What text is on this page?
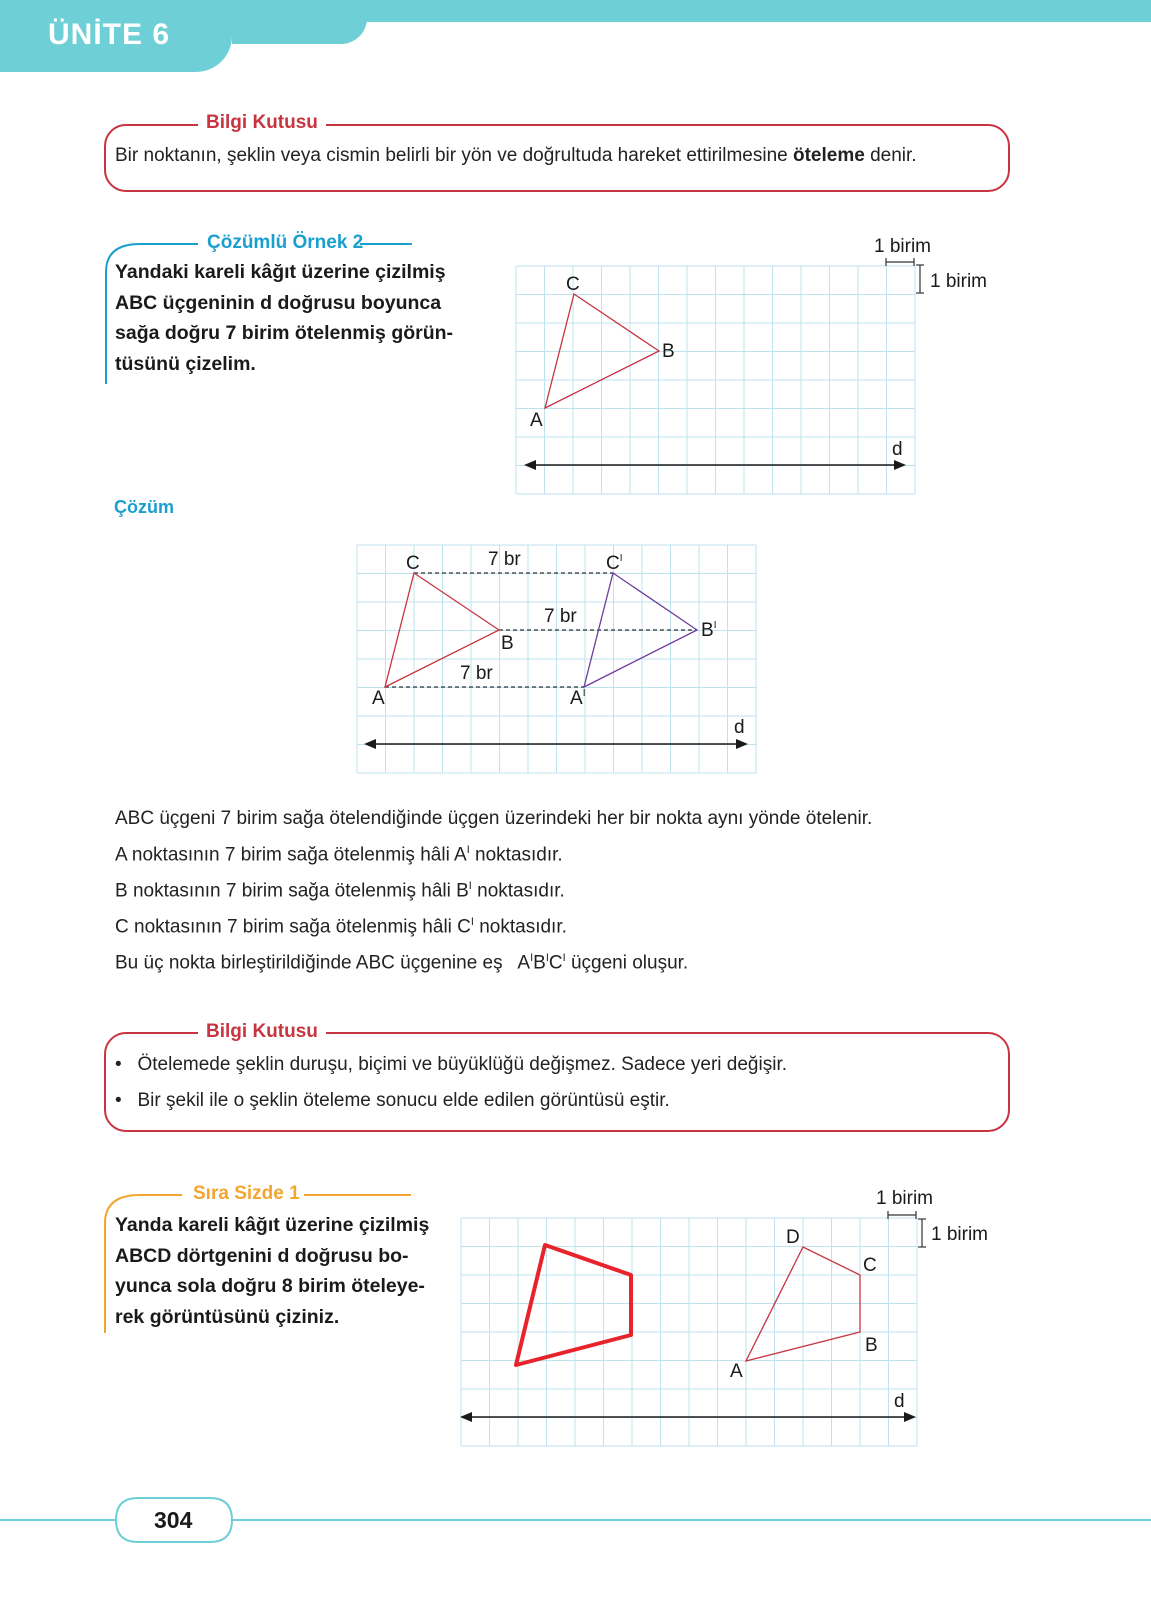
ÜNİTE 6
Bilgi Kutusu
Bir noktanın, şeklin veya cismin belirli bir yön ve doğrultuda hareket ettirilmesine öteleme denir.
Çözümlü Örnek 2
Yandaki kareli kâğıt üzerine çizilmiş
ABC üçgeninin d doğrusu boyunca
sağa doğru 7 birim ötelenmiş görün-
tüsünü çizelim.
1 birim
1 birim
A
B
C
d
Çözüm
A
B
C
$A^I$
$B^I$
$C^I$
7 br
7 br
7 br
d
ABC üçgeni 7 birim sağa ötelendiğinde üçgen üzerindeki her bir nokta aynı yönde ötelenir.
A noktasının 7 birim sağa ötelenmiş hâli $A^I$ noktasıdır.
B noktasının 7 birim sağa ötelenmiş hâli $B^I$ noktasıdır.
C noktasının 7 birim sağa ötelenmiş hâli $C^I$ noktasıdır.
Bu üç nokta birleştirildiğinde ABC üçgenine eş   $A^IB^IC^I$ üçgeni oluşur.
Bilgi Kutusu
•   Ötelemede şeklin duruşu, biçimi ve büyüklüğü değişmez. Sadece yeri değişir.
•   Bir şekil ile o şeklin öteleme sonucu elde edilen görüntüsü eştir.
Sıra Sizde 1
Yanda kareli kâğıt üzerine çizilmiş
ABCD dörtgenini d doğrusu bo-
yunca sola doğru 8 birim öteleye-
rek görüntüsünü çiziniz.
1 birim
1 birim
A
B
C
D
d
304
